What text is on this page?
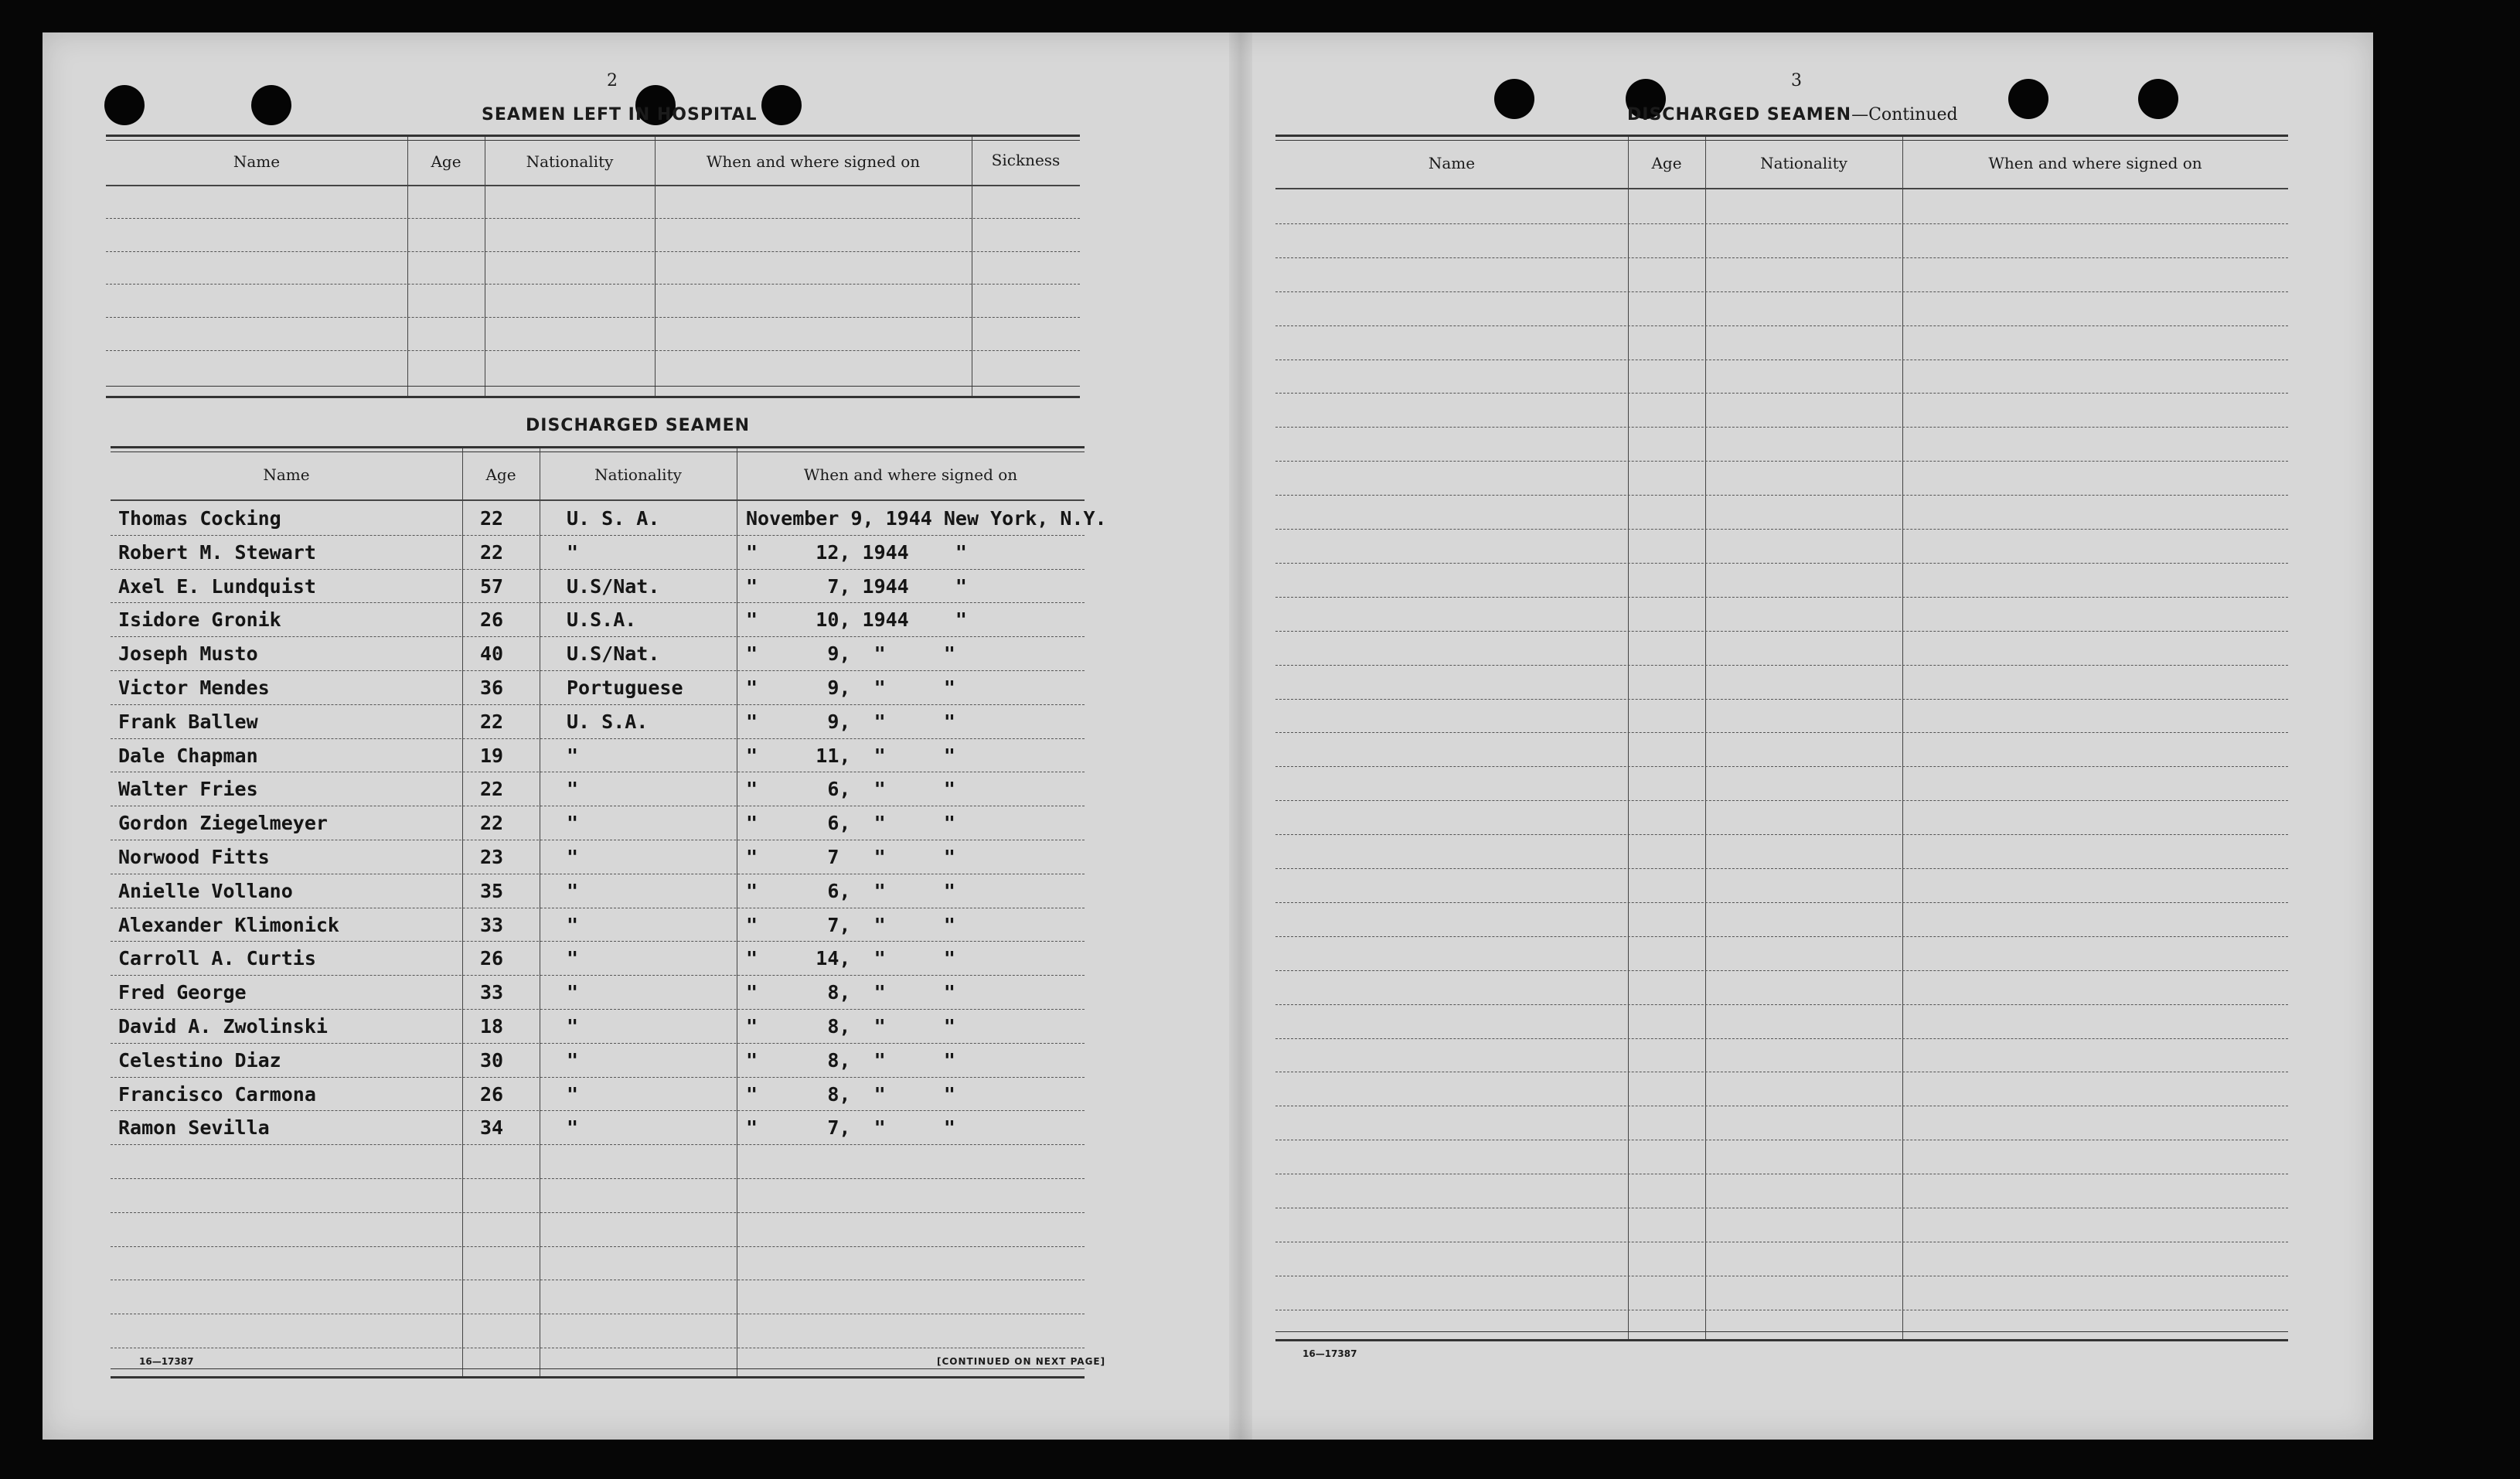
2
SEAMEN LEFT IN HOSPITAL
Name	Age	Nationality	When and where signed on	Sickness
DISCHARGED SEAMEN
Name	Age	Nationality	When and where signed on
Thomas Cocking	22	U. S. A.	November 9, 1944 New York, N.Y.
Robert M. Stewart	22	"	"     12, 1944    "
Axel E. Lundquist	57	U.S/Nat.	"      7, 1944    "
Isidore Gronik	26	U.S.A.	"     10, 1944    "
Joseph Musto	40	U.S/Nat.	"      9,  "     "
Victor Mendes	36	Portuguese	"      9,  "     "
Frank Ballew	22	U. S.A.	"      9,  "     "
Dale Chapman	19	"	"     11,  "     "
Walter Fries	22	"	"      6,  "     "
Gordon Ziegelmeyer	22	"	"      6,  "     "
Norwood Fitts	23	"	"      7   "     "
Anielle Vollano	35	"	"      6,  "     "
Alexander Klimonick	33	"	"      7,  "     "
Carroll A. Curtis	26	"	"     14,  "     "
Fred George	33	"	"      8,  "     "
David A. Zwolinski	18	"	"      8,  "     "
Celestino Diaz	30	"	"      8,  "     "
Francisco Carmona	26	"	"      8,  "     "
Ramon Sevilla	34	"	"      7,  "     "
16—17387	[CONTINUED ON NEXT PAGE]
3
DISCHARGED SEAMEN—Continued
Name	Age	Nationality	When and where signed on
16—17387
